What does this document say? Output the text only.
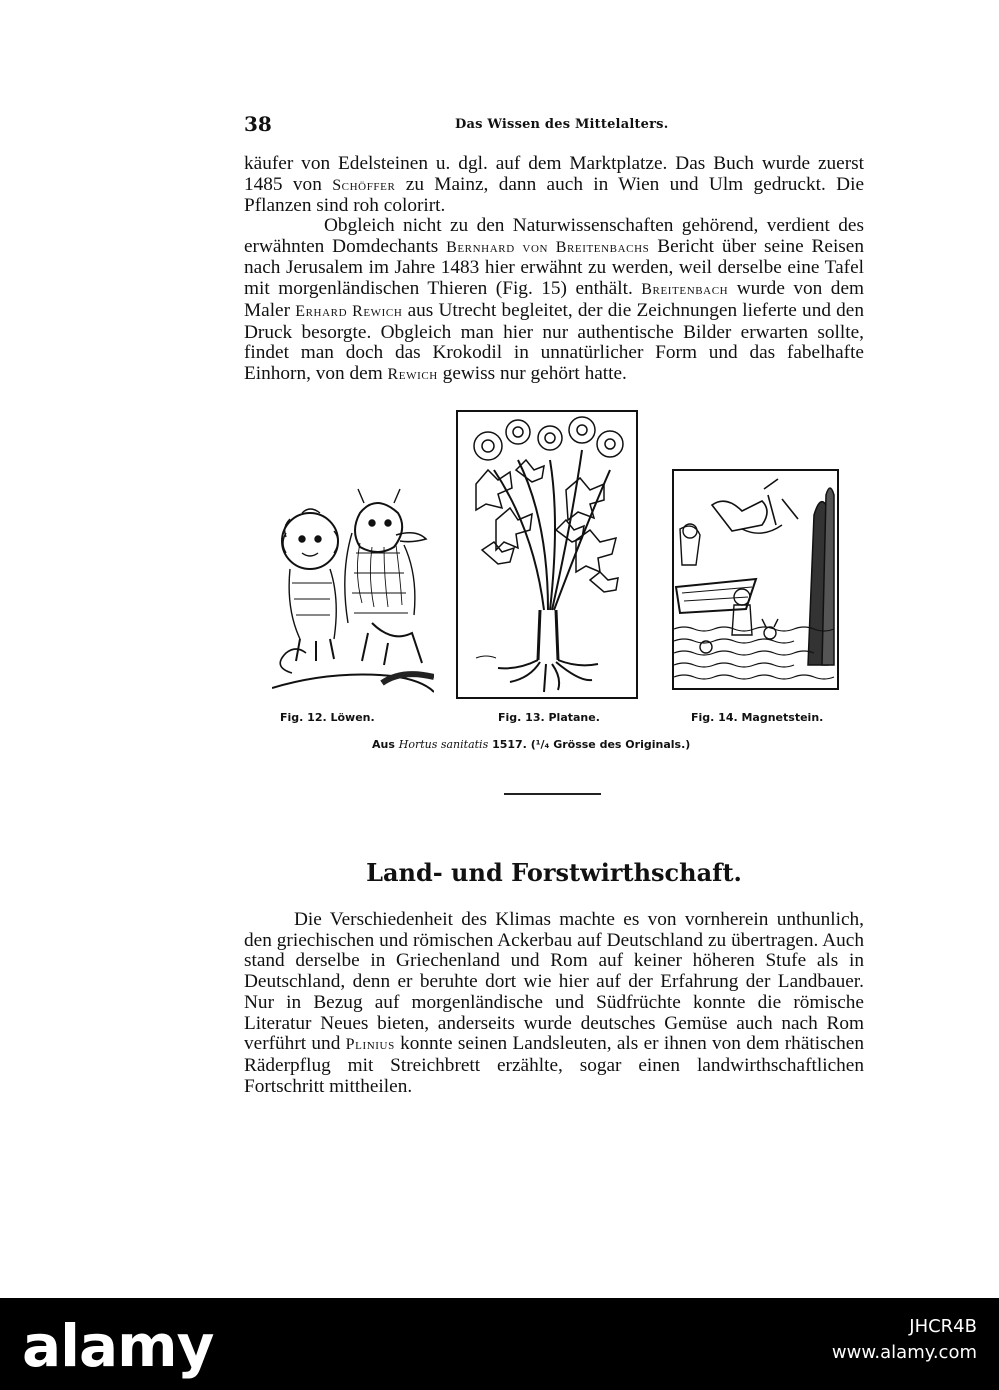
38	Das Wissen des Mittelalters.

käufer von Edelsteinen u. dgl. auf dem Marktplatze. Das Buch wurde zuerst 1485 von Schöffer zu Mainz, dann auch in Wien und Ulm gedruckt. Die Pflanzen sind roh colorirt.

Obgleich nicht zu den Naturwissenschaften gehörend, verdient des erwähnten Domdechants Bernhard von Breitenbachs Bericht über seine Reisen nach Jerusalem im Jahre 1483 hier erwähnt zu werden, weil derselbe eine Tafel mit morgenländischen Thieren (Fig. 15) enthält. Breitenbach wurde von dem Maler Erhard Rewich aus Utrecht begleitet, der die Zeichnungen lieferte und den Druck besorgte. Obgleich man hier nur authentische Bilder erwarten sollte, findet man doch das Krokodil in unnatürlicher Form und das fabelhafte Einhorn, von dem Rewich gewiss nur gehört hatte.

Fig. 12. Löwen.	Fig. 13. Platane.	Fig. 14. Magnetstein.
Aus Hortus sanitatis 1517. (¹/₄ Grösse des Originals.)
Land- und Forstwirthschaft.

Die Verschiedenheit des Klimas machte es von vornherein unthunlich, den griechischen und römischen Ackerbau auf Deutschland zu übertragen. Auch stand derselbe in Griechenland und Rom auf keiner höheren Stufe als in Deutschland, denn er beruhte dort wie hier auf der Erfahrung der Landbauer. Nur in Bezug auf morgenländische und Südfrüchte konnte die römische Literatur Neues bieten, anderseits wurde deutsches Gemüse auch nach Rom verführt und Plinius konnte seinen Landsleuten, als er ihnen von dem rhätischen Räderpflug mit Streichbrett erzählte, sogar einen landwirthschaftlichen Fortschritt mittheilen.

alamy	JHCR4B
www.alamy.com
